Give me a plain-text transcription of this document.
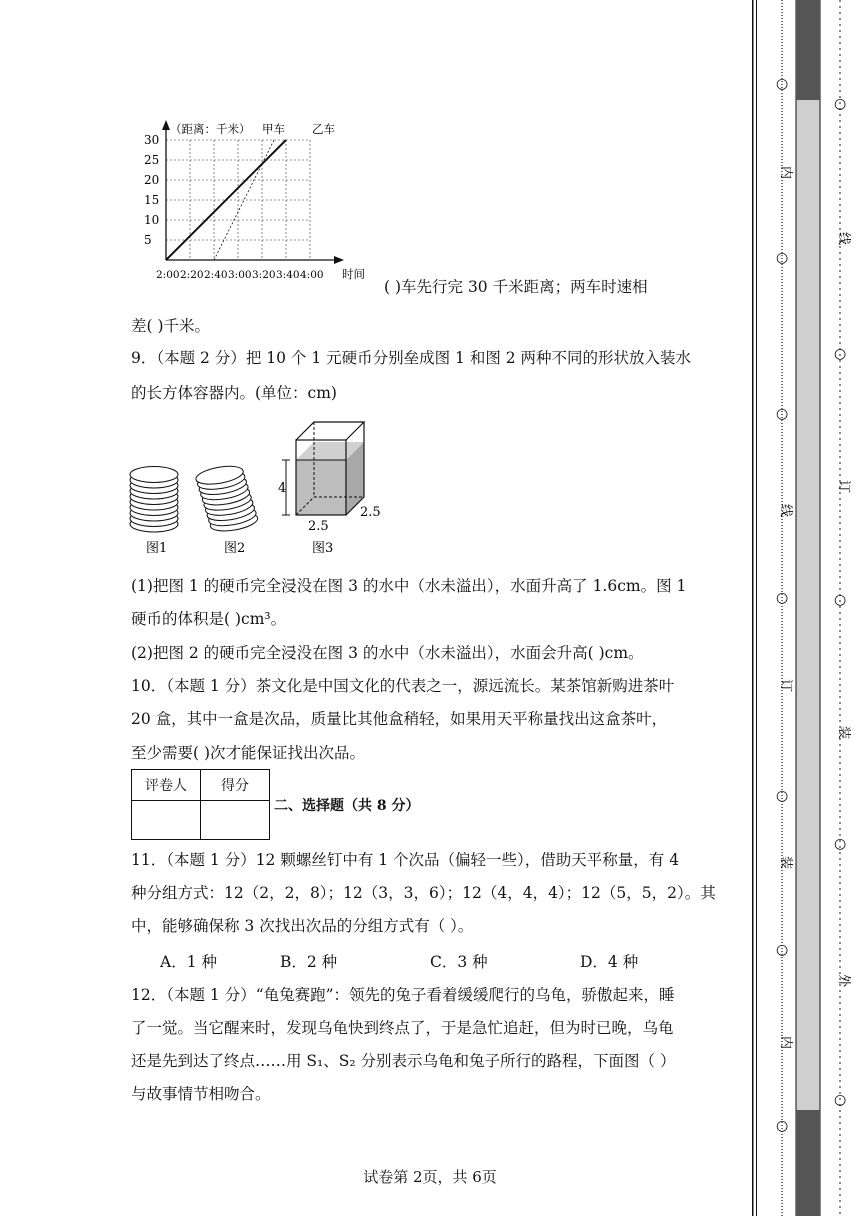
（距离：千米） 甲车 乙车
30
25
20
15
10
5
2:00 2:20 2:40 3:00 3:20 3:40 4:00 时间
( )车先行完 30 千米距离；两车时速相
差( )千米。
9．（本题 2 分）把 10 个 1 元硬币分别垒成图 1 和图 2 两种不同的形状放入装水
的长方体容器内。(单位：cm)
4
2.5
2.5
图1	图2	图3
(1)把图 1 的硬币完全浸没在图 3 的水中（水未溢出），水面升高了 1.6cm。图 1
硬币的体积是( )cm³。
(2)把图 2 的硬币完全浸没在图 3 的水中（水未溢出），水面会升高( )cm。
10．（本题 1 分）茶文化是中国文化的代表之一，源远流长。某茶馆新购进茶叶
20 盒，其中一盒是次品，质量比其他盒稍轻，如果用天平称量找出这盒茶叶，
至少需要( )次才能保证找出次品。
评卷人	得分

二、选择题（共 8 分）
11．（本题 1 分）12 颗螺丝钉中有 1 个次品（偏轻一些），借助天平称量，有 4
种分组方式：12（2，2，8）；12（3，3，6）；12（4，4，4）；12（5，5，2）。其
中，能够确保称 3 次找出次品的分组方式有（ ）。
A．1 种	B．2 种	C．3 种	D．4 种
12．（本题 1 分）“龟兔赛跑”：领先的兔子看着缓缓爬行的乌龟，骄傲起来，睡
了一觉。当它醒来时，发现乌龟快到终点了，于是急忙追赶，但为时已晚，乌龟
还是先到达了终点……用 S₁、S₂ 分别表示乌龟和兔子所行的路程，下面图（ ）
与故事情节相吻合。
试卷第 2页，共 6页
○
○
○
○
○
○
○
内
线
订
装
内
○
○
○
○
○
线
订
装
外
